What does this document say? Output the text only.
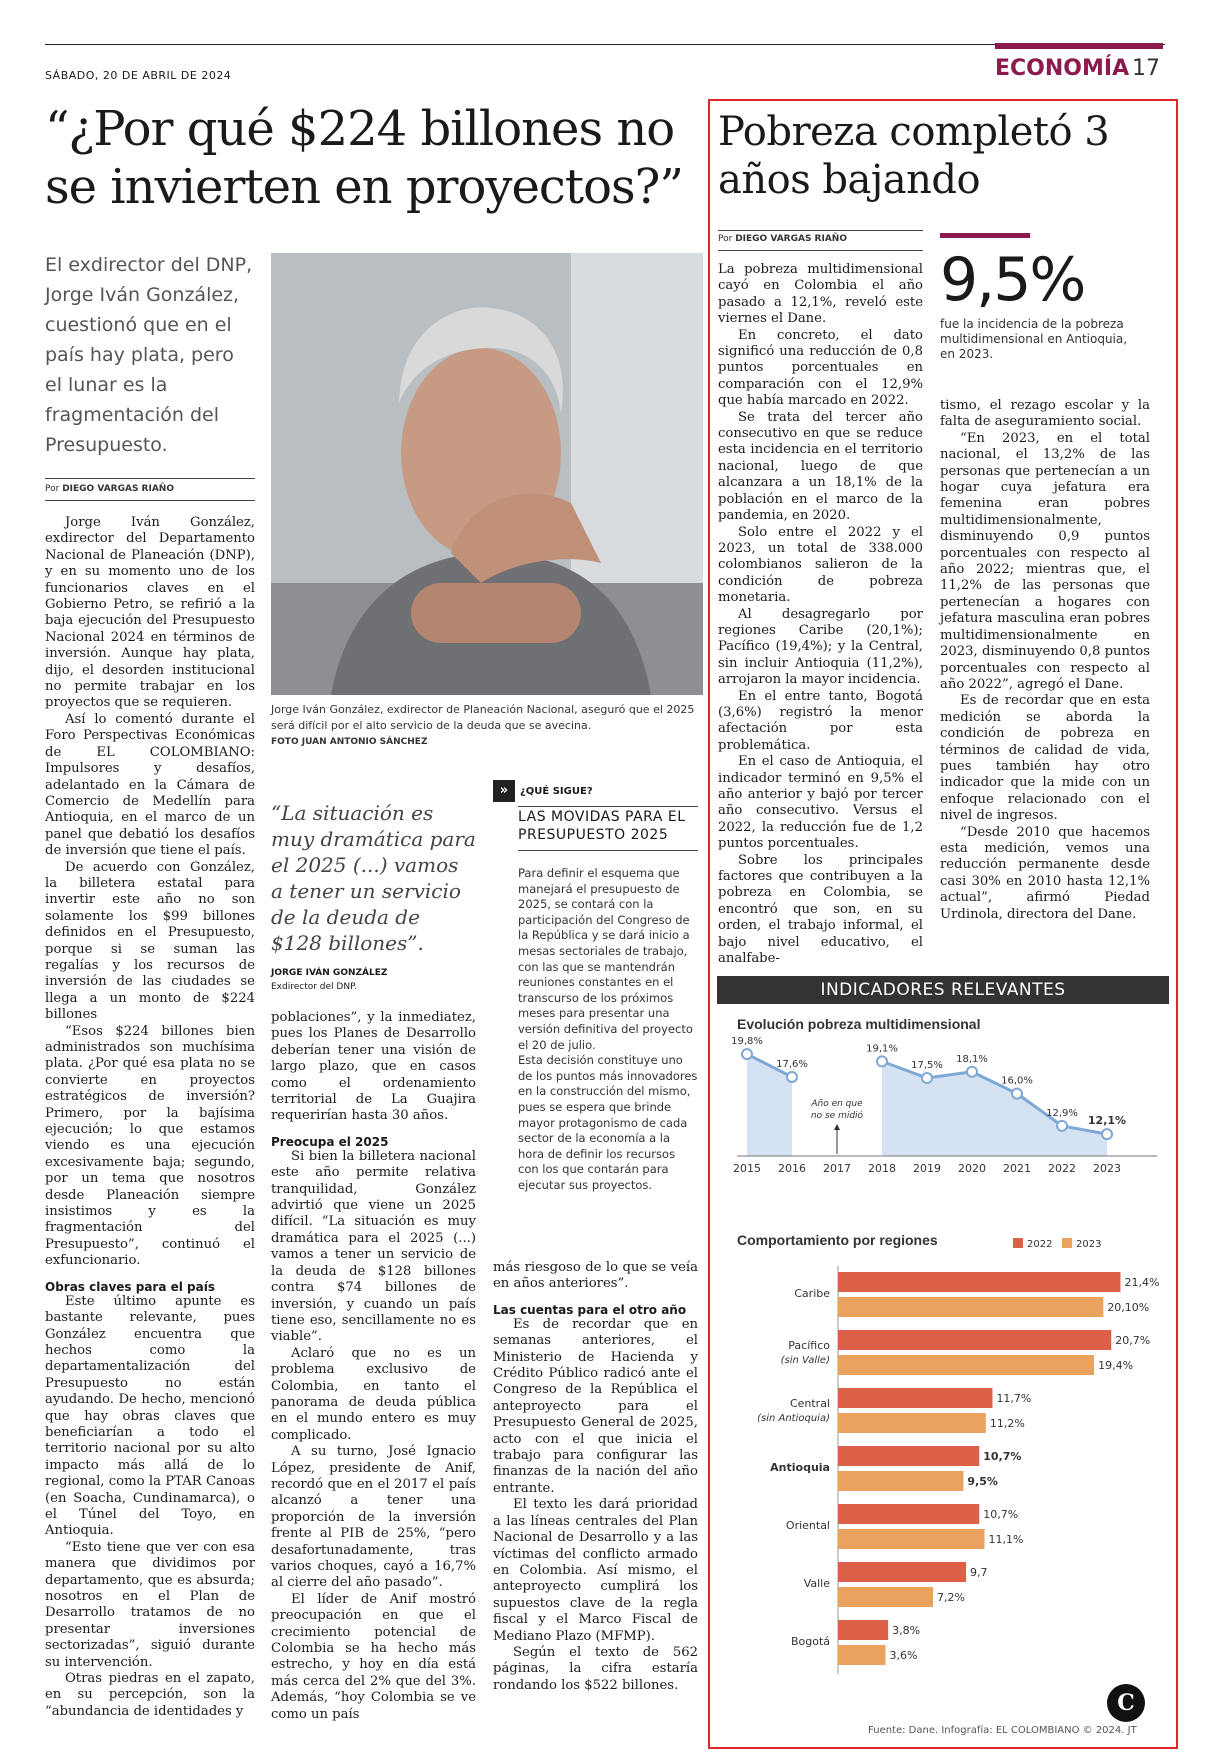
SÁBADO, 20 DE ABRIL DE 2024	ECONOMÍA 17
“¿Por qué $224 billones no se invierten en proyectos?”
El exdirector del DNP, Jorge Iván González, cuestionó que en el país hay plata, pero el lunar es la fragmentación del Presupuesto.
Por DIEGO VARGAS RIAÑO
Jorge Iván González, exdirector de Planeación Nacional, aseguró que el 2025 será difícil por el alto servicio de la deuda que se avecina.
FOTO JUAN ANTONIO SÁNCHEZ

Jorge Iván González, exdirector del Departamento Nacional de Planeación (DNP), y en su momento uno de los funcionarios claves en el Gobierno Petro, se refirió a la baja ejecución del Presupuesto Nacional 2024 en términos de inversión. Aunque hay plata, dijo, el desorden institucional no permite trabajar en los proyectos que se requieren.

Así lo comentó durante el Foro Perspectivas Económicas de EL COLOMBIANO: Impulsores y desafíos, adelantado en la Cámara de Comercio de Medellín para Antioquia, en el marco de un panel que debatió los desafíos de inversión que tiene el país.

De acuerdo con González, la billetera estatal para invertir este año no son solamente los $99 billones definidos en el Presupuesto, porque si se suman las regalías y los recursos de inversión de las ciudades se llega a un monto de $224 billones

“Esos $224 billones bien administrados son muchísima plata. ¿Por qué esa plata no se convierte en proyectos estratégicos de inversión? Primero, por la bajísima ejecución; lo que estamos viendo es una ejecución excesivamente baja; segundo, por un tema que nosotros desde Planeación siempre insistimos y es la fragmentación del Presupuesto”, continuó el exfuncionario.

Obras claves para el país

Este último apunte es bastante relevante, pues González encuentra que hechos como la departamentalización del Presupuesto no están ayudando. De hecho, mencionó que hay obras claves que beneficiarían a todo el territorio nacional por su alto impacto más allá de lo regional, como la PTAR Canoas (en Soacha, Cundinamarca), o el Túnel del Toyo, en Antioquia.

“Esto tiene que ver con esa manera que dividimos por departamento, que es absurda; nosotros en el Plan de Desarrollo tratamos de no presentar inversiones sectorizadas”, siguió durante su intervención.

Otras piedras en el zapato, en su percepción, son la “abundancia de identidades y

“La situación es muy dramática para el 2025 (...) vamos a tener un servicio de la deuda de $128 billones”.
JORGE IVÁN GONZÁLEZ
Exdirector del DNP.

poblaciones”, y la inmediatez, pues los Planes de Desarrollo deberían tener una visión de largo plazo, que en casos como el ordenamiento territorial de La Guajira requerirían hasta 30 años.

Preocupa el 2025

Si bien la billetera nacional este año permite relativa tranquilidad, González advirtió que viene un 2025 difícil. “La situación es muy dramática para el 2025 (...) vamos a tener un servicio de la deuda de $128 billones contra $74 billones de inversión, y cuando un país tiene eso, sencillamente no es viable”.

Aclaró que no es un problema exclusivo de Colombia, en tanto el panorama de deuda pública en el mundo entero es muy complicado.

A su turno, José Ignacio López, presidente de Anif, recordó que en el 2017 el país alcanzó a tener una proporción de la inversión frente al PIB de 25%, “pero desafortunadamente, tras varios choques, cayó a 16,7% al cierre del año pasado”.

El líder de Anif mostró preocupación en que el crecimiento potencial de Colombia se ha hecho más estrecho, y hoy en día está más cerca del 2% que del 3%. Además, “hoy Colombia se ve como un país

»	¿QUÉ SIGUE?
LAS MOVIDAS PARA EL PRESUPUESTO 2025

Para definir el esquema que manejará el presupuesto de 2025, se contará con la participación del Congreso de la República y se dará inicio a mesas sectoriales de trabajo, con las que se mantendrán reuniones constantes en el transcurso de los próximos meses para presentar una versión definitiva del proyecto el 20 de julio.

Esta decisión constituye uno de los puntos más innovadores en la construcción del mismo, pues se espera que brinde mayor protagonismo de cada sector de la economía a la hora de definir los recursos con los que contarán para ejecutar sus proyectos.

más riesgoso de lo que se veía en años anteriores”.

Las cuentas para el otro año

Es de recordar que en semanas anteriores, el Ministerio de Hacienda y Crédito Público radicó ante el Congreso de la República el anteproyecto para el Presupuesto General de 2025, acto con el que inicia el trabajo para configurar las finanzas de la nación del año entrante.

El texto les dará prioridad a las líneas centrales del Plan Nacional de Desarrollo y a las víctimas del conflicto armado en Colombia. Así mismo, el anteproyecto cumplirá los supuestos clave de la regla fiscal y el Marco Fiscal de Mediano Plazo (MFMP).

Según el texto de 562 páginas, la cifra estaría rondando los $522 billones.

Pobreza completó 3 años bajando
Por DIEGO VARGAS RIAÑO

La pobreza multidimensional cayó en Colombia el año pasado a 12,1%, reveló este viernes el Dane.

En concreto, el dato significó una reducción de 0,8 puntos porcentuales en comparación con el 12,9% que había marcado en 2022.

Se trata del tercer año consecutivo en que se reduce esta incidencia en el territorio nacional, luego de que alcanzara a un 18,1% de la población en el marco de la pandemia, en 2020.

Solo entre el 2022 y el 2023, un total de 338.000 colombianos salieron de la condición de pobreza monetaria.

Al desagregarlo por regiones Caribe (20,1%); Pacífico (19,4%); y la Central, sin incluir Antioquia (11,2%), arrojaron la mayor incidencia.

En el entre tanto, Bogotá (3,6%) registró la menor afectación por esta problemática.

En el caso de Antioquia, el indicador terminó en 9,5% el año anterior y bajó por tercer año consecutivo. Versus el 2022, la reducción fue de 1,2 puntos porcentuales.

Sobre los principales factores que contribuyen a la pobreza en Colombia, se encontró que son, en su orden, el trabajo informal, el bajo nivel educativo, el analfabe-

9,5%
fue la incidencia de la pobreza multidimensional en Antioquia, en 2023.

tismo, el rezago escolar y la falta de aseguramiento social.

“En 2023, en el total nacional, el 13,2% de las personas que pertenecían a un hogar cuya jefatura era femenina eran pobres multidimensionalmente, disminuyendo 0,9 puntos porcentuales con respecto al año 2022; mientras que, el 11,2% de las personas que pertenecían a hogares con jefatura masculina eran pobres multidimensionalmente en 2023, disminuyendo 0,8 puntos porcentuales con respecto al año 2022”, agregó el Dane.

Es de recordar que en esta medición se aborda la condición de pobreza en términos de calidad de vida, pues también hay otro indicador que la mide con un enfoque relacionado con el nivel de ingresos.

“Desde 2010 que hacemos esta medición, vemos una reducción permanente desde casi 30% en 2010 hasta 12,1% actual”, afirmó Piedad Urdinola, directora del Dane.

INDICADORES RELEVANTES
Evolución pobreza multidimensional
2015
19,8%
2016
17,6%
2017 2018
19,1%
2019
17,5%
2020
18,1%
2021
16,0%
2022
12,9%
2023
12,1%
Año en que
no se midió
Comportamiento por regiones	2022 2023
Caribe
21,4%
20,10%
Pacífico
(sin Valle)
20,7%
19,4%
Central
(sin Antioquia)
11,7%
11,2%
Antioquia
10,7%
9,5%
Oriental
10,7%
11,1%
Valle
9,7
7,2%
Bogotá
3,8%
3,6%
C
Fuente: Dane. Infografía: EL COLOMBIANO © 2024. JT
